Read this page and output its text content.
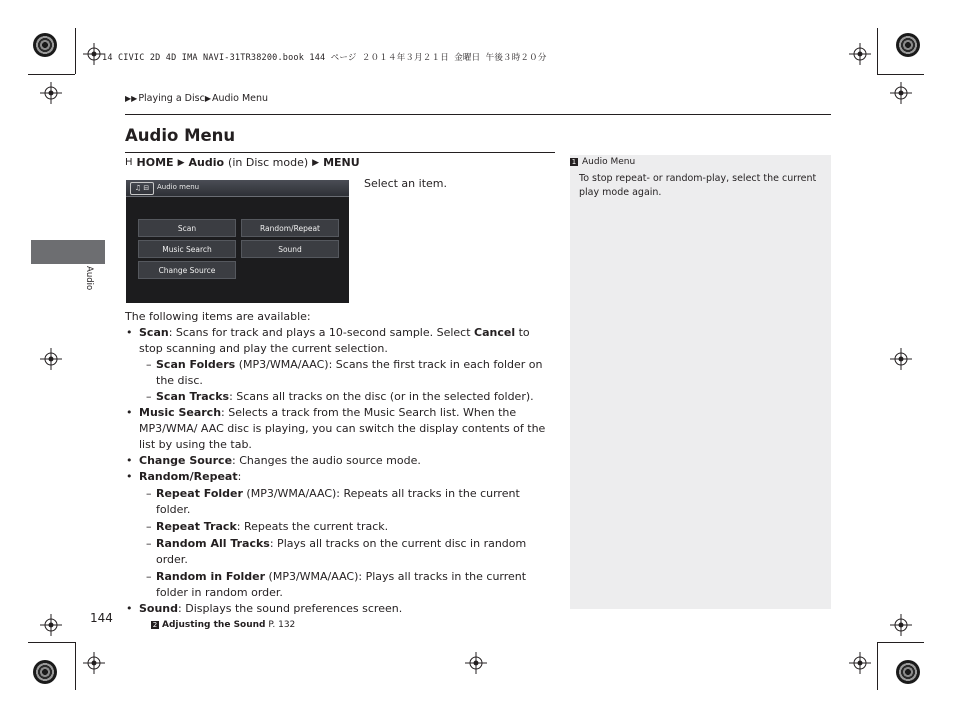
14 CIVIC 2D 4D IMA NAVI-31TR38200.book 144 ページ ２０１４年３月２１日 金曜日 午後３時２０分
▶▶ Playing a Disc ▶ Audio Menu
Audio Menu
Audio
H HOME ▶ Audio (in Disc mode) ▶ MENU
♫ ⊟	Audio menu
Scan	Random/Repeat
Music Search	Sound
Change Source
Select an item.

The following items are available:

• Scan: Scans for track and plays a 10-second sample. Select Cancel to stop scanning and play the current selection.

– Scan Folders (MP3/WMA/AAC): Scans the first track in each folder on the disc.

– Scan Tracks: Scans all tracks on the disc (or in the selected folder).

• Music Search: Selects a track from the Music Search list. When the MP3/WMA/ AAC disc is playing, you can switch the display contents of the list by using the tab.

• Change Source: Changes the audio source mode.

• Random/Repeat:

– Repeat Folder (MP3/WMA/AAC): Repeats all tracks in the current folder.

– Repeat Track: Repeats the current track.

– Random All Tracks: Plays all tracks on the current disc in random order.

– Random in Folder (MP3/WMA/AAC): Plays all tracks in the current folder in random order.

• Sound: Displays the sound preferences screen.

2 Adjusting the Sound P. 132

144
1 Audio Menu
To stop repeat- or random-play, select the current play mode again.
